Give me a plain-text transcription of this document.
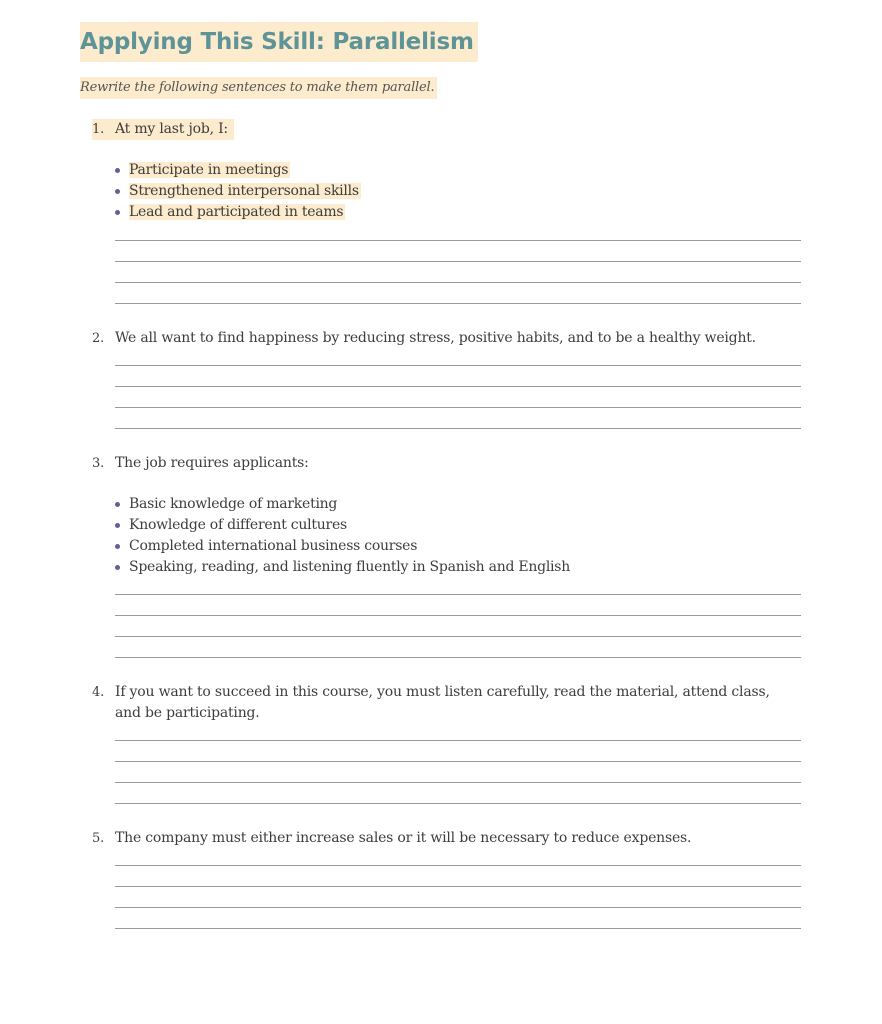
Applying This Skill: Parallelism
Rewrite the following sentences to make them parallel.
1. At my last job, I:
Participate in meetings
Strengthened interpersonal skills
Lead and participated in teams
2. We all want to find happiness by reducing stress, positive habits, and to be a healthy weight.
3. The job requires applicants:
Basic knowledge of marketing
Knowledge of different cultures
Completed international business courses
Speaking, reading, and listening fluently in Spanish and English
4. If you want to succeed in this course, you must listen carefully, read the material, attend class, and be participating.
5. The company must either increase sales or it will be necessary to reduce expenses.
